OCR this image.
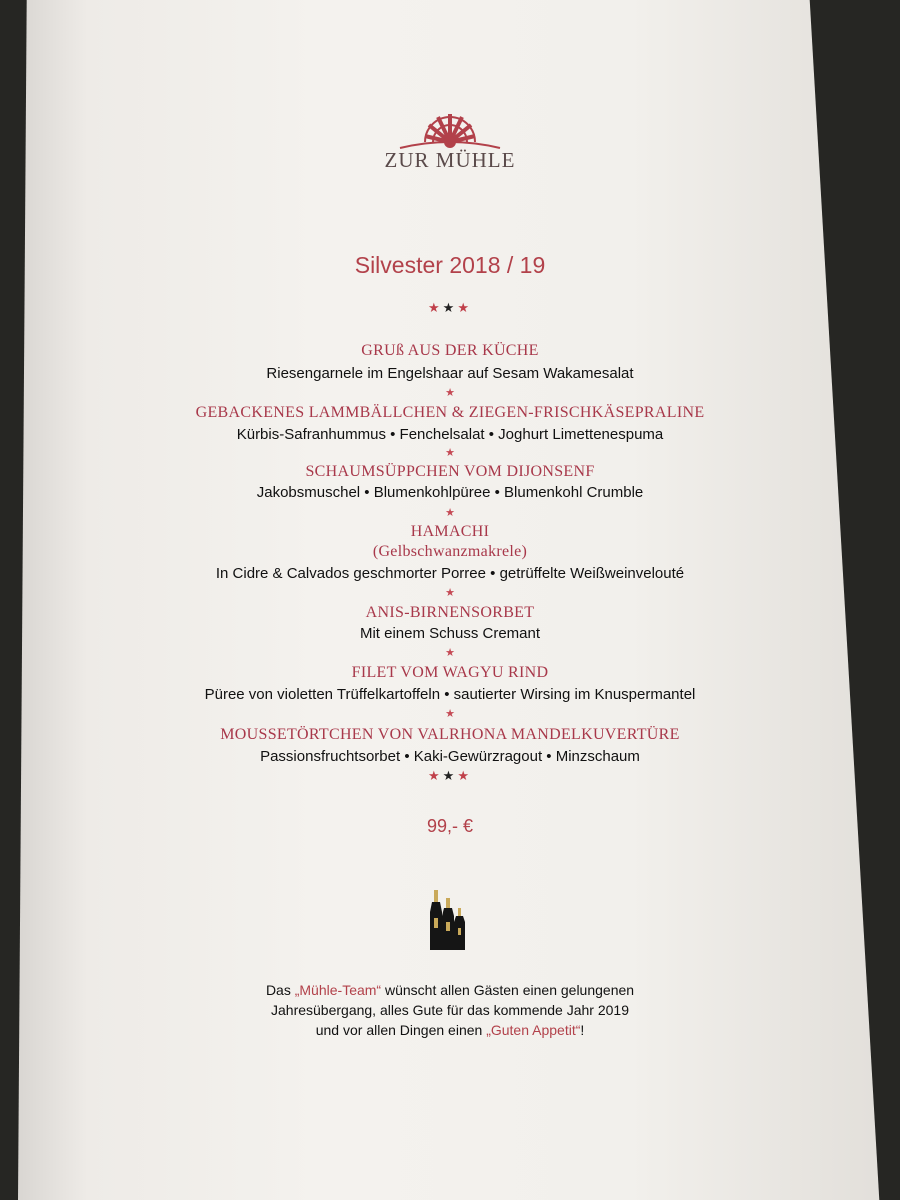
ZUR MÜHLE
Silvester 2018 / 19
★★★
GRUß AUS DER KÜCHE
Riesengarnele im Engelshaar auf Sesam Wakamesalat
★
GEBACKENES LAMMBÄLLCHEN & ZIEGEN-FRISCHKÄSEPRALINE
Kürbis-Safranhummus • Fenchelsalat • Joghurt Limettenespuma
★
SCHAUMSÜPPCHEN VOM DIJONSENF
Jakobsmuschel • Blumenkohlpüree • Blumenkohl Crumble
★
HAMACHI
(Gelbschwanzmakrele)
In Cidre & Calvados geschmorter Porree • getrüffelte Weißweinvelouté
★
ANIS-BIRNENSORBET
Mit einem Schuss Cremant
★
FILET VOM WAGYU RIND
Püree von violetten Trüffelkartoffeln • sautierter Wirsing im Knuspermantel
★
MOUSSETÖRTCHEN VON VALRHONA MANDELKUVERTÜRE
Passionsfruchtsorbet • Kaki-Gewürzragout • Minzschaum
★★★
99,- €
Das „Mühle-Team“ wünscht allen Gästen einen gelungenen
Jahresübergang, alles Gute für das kommende Jahr 2019
und vor allen Dingen einen „Guten Appetit“!
